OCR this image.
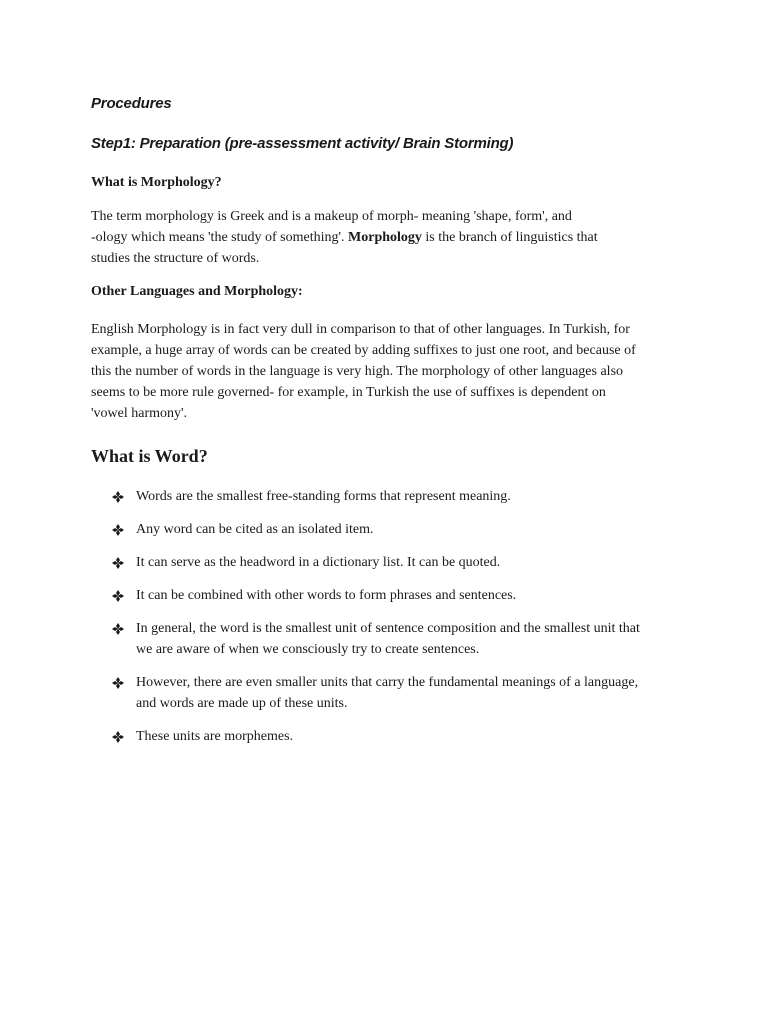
Procedures

Step1: Preparation (pre-assessment activity/ Brain Storming)

What is Morphology?

The term morphology is Greek and is a makeup of morph- meaning 'shape, form', and
-ology which means 'the study of something'. Morphology is the branch of linguistics that
studies the structure of words.

Other Languages and Morphology:

English Morphology is in fact very dull in comparison to that of other languages. In Turkish, for
example, a huge array of words can be created by adding suffixes to just one root, and because of
this the number of words in the language is very high. The morphology of other languages also
seems to be more rule governed- for example, in Turkish the use of suffixes is dependent on
'vowel harmony'.

What is Word?

Words are the smallest free-standing forms that represent meaning.
Any word can be cited as an isolated item.
It can serve as the headword in a dictionary list. It can be quoted.
It can be combined with other words to form phrases and sentences.
In general, the word is the smallest unit of sentence composition and the smallest unit that
we are aware of when we consciously try to create sentences.
However, there are even smaller units that carry the fundamental meanings of a language,
and words are made up of these units.
These units are morphemes.
